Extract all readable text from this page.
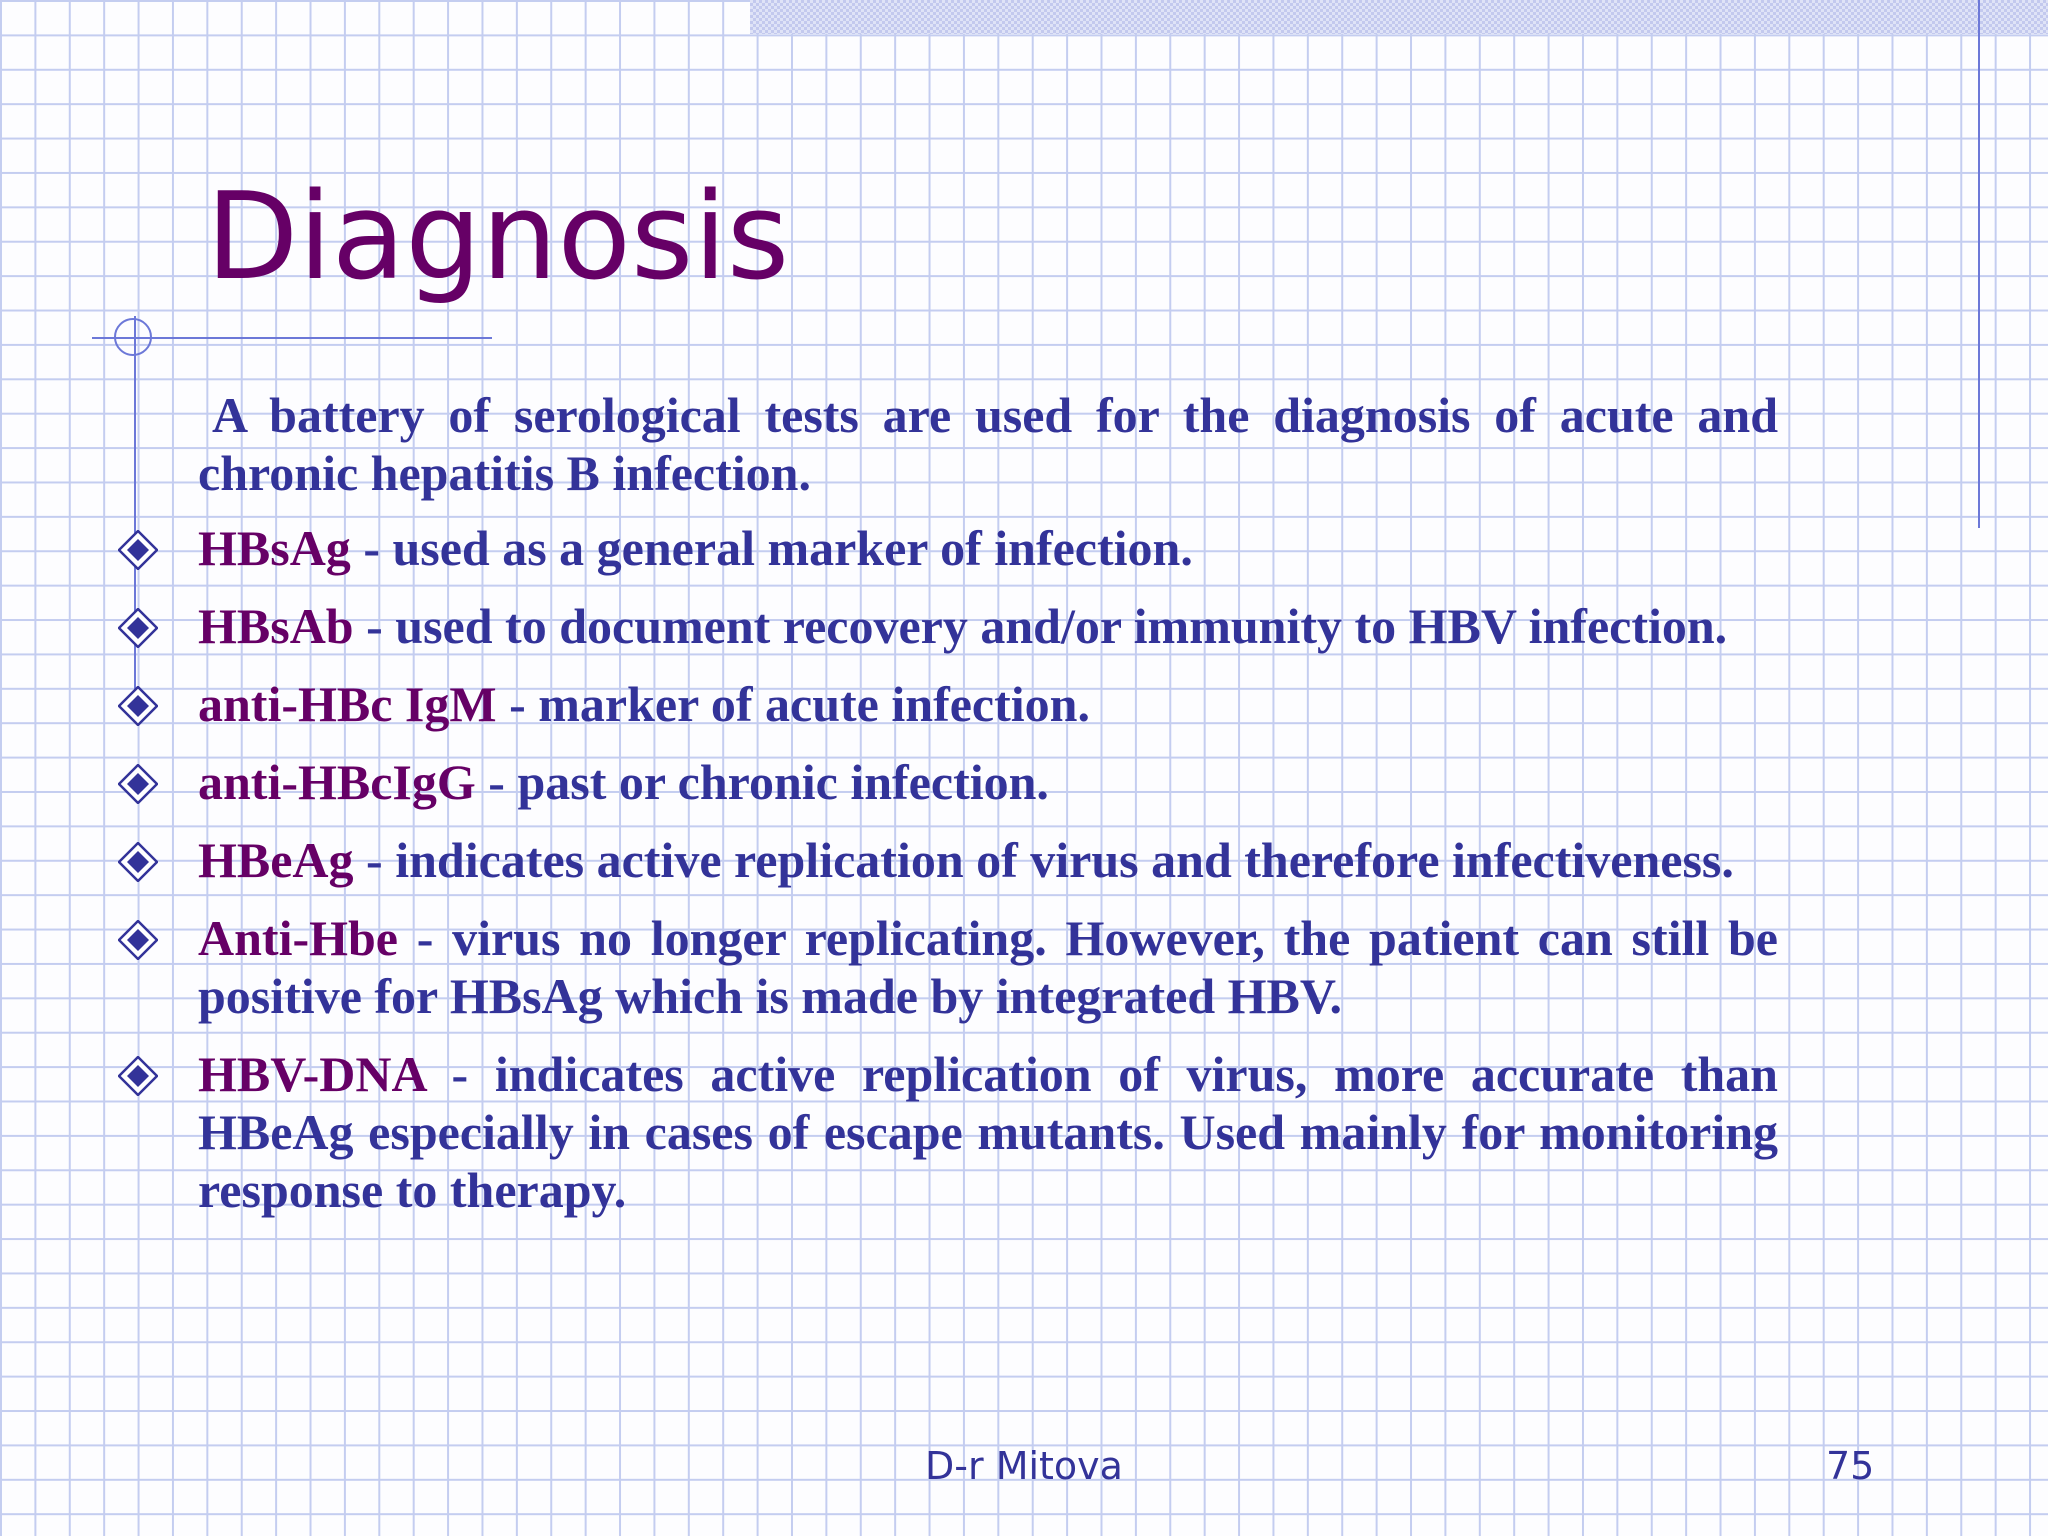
Diagnosis

A battery of serological tests are used for the diagnosis of acute and chronic hepatitis B infection.

HBsAg - used as a general marker of infection.

HBsAb - used to document recovery and/or immunity to HBV infection.

anti-HBc IgM - marker of acute infection.

anti-HBcIgG - past or chronic infection.

HBeAg - indicates active replication of virus and therefore infectiveness.

Anti-Hbe - virus no longer replicating. However, the patient can still be positive for HBsAg which is made by integrated HBV.

HBV-DNA - indicates active replication of virus, more accurate than HBeAg especially in cases of escape mutants. Used mainly for monitoring response to therapy.

D-r Mitova	75
